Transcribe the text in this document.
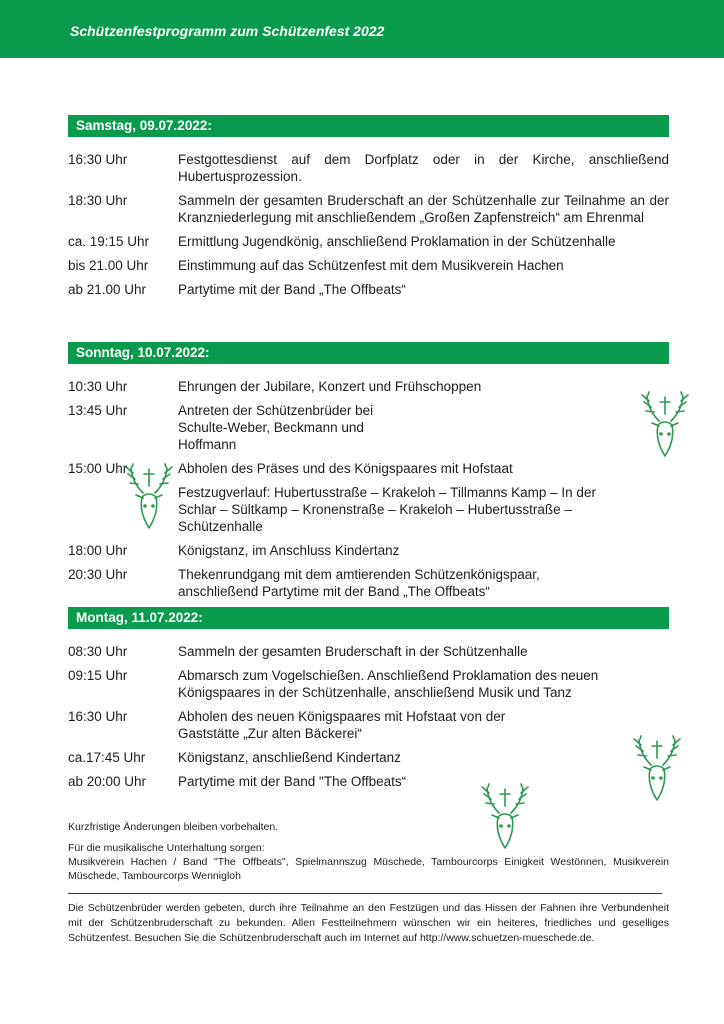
Schützenfestprogramm zum Schützenfest 2022
Samstag, 09.07.2022:
16:30 Uhr	Festgottesdienst auf dem Dorfplatz oder in der Kirche, anschließend Hubertusprozession.
18:30 Uhr	Sammeln der gesamten Bruderschaft an der Schützenhalle zur Teilnahme an der Kranzniederlegung mit anschließendem „Großen Zapfenstreich“ am Ehrenmal
ca. 19:15 Uhr	Ermittlung Jugendkönig, anschließend Proklamation in der Schützenhalle
bis 21.00 Uhr	Einstimmung auf das Schützenfest mit dem Musikverein Hachen
ab 21.00 Uhr	Partytime mit der Band „The Offbeats“
Sonntag, 10.07.2022:
10:30 Uhr	Ehrungen der Jubilare, Konzert und Frühschoppen
13:45 Uhr	Antreten der Schützenbrüder bei Schulte-Weber, Beckmann und Hoffmann
15:00 Uhr	Abholen des Präses und des Königspaares mit Hofstaat
Festzugverlauf: Hubertusstraße – Krakeloh – Tillmanns Kamp – In der Schlar – Sültkamp – Kronenstraße – Krakeloh – Hubertusstraße – Schützenhalle
18:00 Uhr	Königstanz, im Anschluss Kindertanz
20:30 Uhr	Thekenrundgang mit dem amtierenden Schützenkönigspaar, anschließend Partytime mit der Band „The Offbeats“
Montag, 11.07.2022:
08:30 Uhr	Sammeln der gesamten Bruderschaft in der Schützenhalle
09:15 Uhr	Abmarsch zum Vogelschießen. Anschließend Proklamation des neuen Königspaares in der Schützenhalle, anschließend Musik und Tanz
16:30 Uhr	Abholen des neuen Königspaares mit Hofstaat von der Gaststätte „Zur alten Bäckerei“
ca.17:45 Uhr	Königstanz, anschließend Kindertanz
ab 20:00 Uhr	Partytime mit der Band "The Offbeats“

Kurzfristige Änderungen bleiben vorbehalten.

Für die musikalische Unterhaltung sorgen:

Musikverein Hachen / Band "The Offbeats", Spielmannszug Müschede, Tambourcorps Einigkeit Westönnen, Musikverein Müschede, Tambourcorps Wennigloh

Die Schützenbrüder werden gebeten, durch ihre Teilnahme an den Festzügen und das Hissen der Fahnen ihre Verbundenheit mit der Schützenbruderschaft zu bekunden. Allen Festteilnehmern wünschen wir ein heiteres, friedliches und geselliges Schützenfest. Besuchen Sie die Schützenbruderschaft auch im Internet auf http://www.schuetzen-mueschede.de.
